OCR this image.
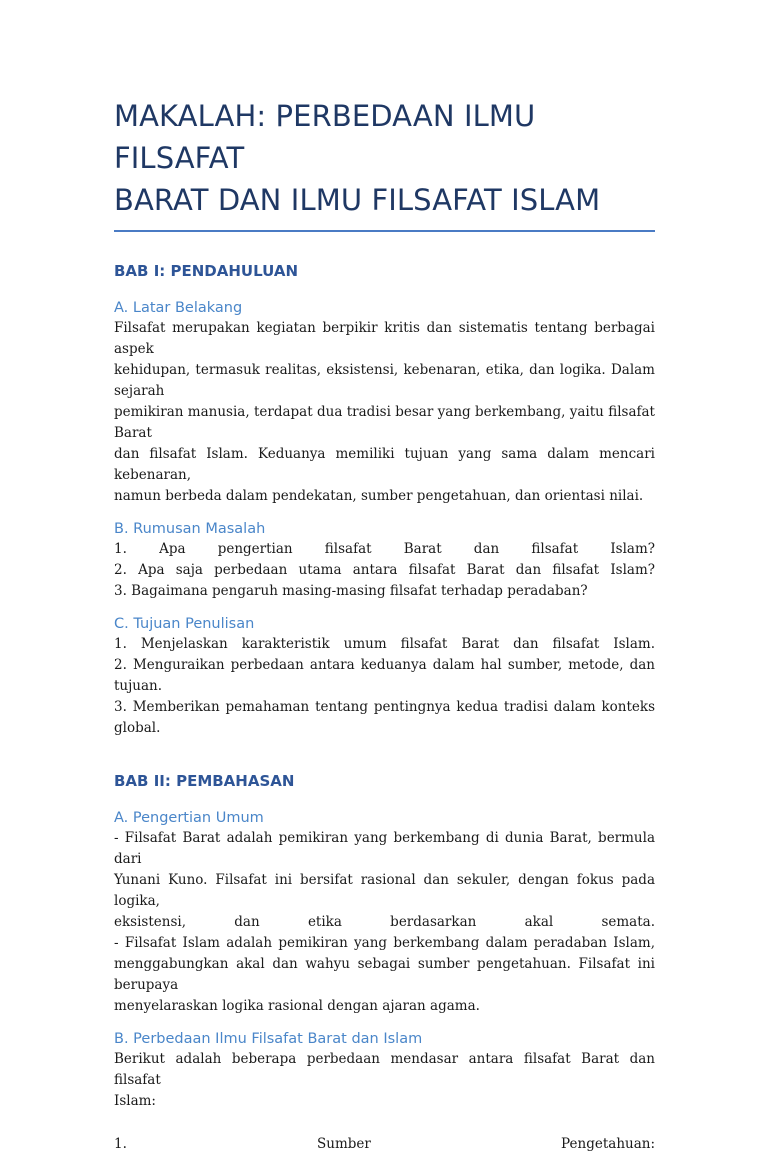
MAKALAH: PERBEDAAN ILMU FILSAFAT
BARAT DAN ILMU FILSAFAT ISLAM
BAB I: PENDAHULUAN
A. Latar Belakang

Filsafat merupakan kegiatan berpikir kritis dan sistematis tentang berbagai aspek
kehidupan, termasuk realitas, eksistensi, kebenaran, etika, dan logika. Dalam sejarah
pemikiran manusia, terdapat dua tradisi besar yang berkembang, yaitu filsafat Barat
dan filsafat Islam. Keduanya memiliki tujuan yang sama dalam mencari kebenaran,
namun berbeda dalam pendekatan, sumber pengetahuan, dan orientasi nilai.

B. Rumusan Masalah

1. Apa pengertian filsafat Barat dan filsafat Islam?
2. Apa saja perbedaan utama antara filsafat Barat dan filsafat Islam?
3. Bagaimana pengaruh masing-masing filsafat terhadap peradaban?

C. Tujuan Penulisan

1. Menjelaskan karakteristik umum filsafat Barat dan filsafat Islam.
2. Menguraikan perbedaan antara keduanya dalam hal sumber, metode, dan tujuan.
3. Memberikan pemahaman tentang pentingnya kedua tradisi dalam konteks global.

BAB II: PEMBAHASAN
A. Pengertian Umum

- Filsafat Barat adalah pemikiran yang berkembang di dunia Barat, bermula dari
Yunani Kuno. Filsafat ini bersifat rasional dan sekuler, dengan fokus pada logika,
eksistensi, dan etika berdasarkan akal semata.
- Filsafat Islam adalah pemikiran yang berkembang dalam peradaban Islam,
menggabungkan akal dan wahyu sebagai sumber pengetahuan. Filsafat ini berupaya
menyelaraskan logika rasional dengan ajaran agama.

B. Perbedaan Ilmu Filsafat Barat dan Islam

Berikut adalah beberapa perbedaan mendasar antara filsafat Barat dan filsafat
Islam:

1.	Sumber	Pengetahuan:
